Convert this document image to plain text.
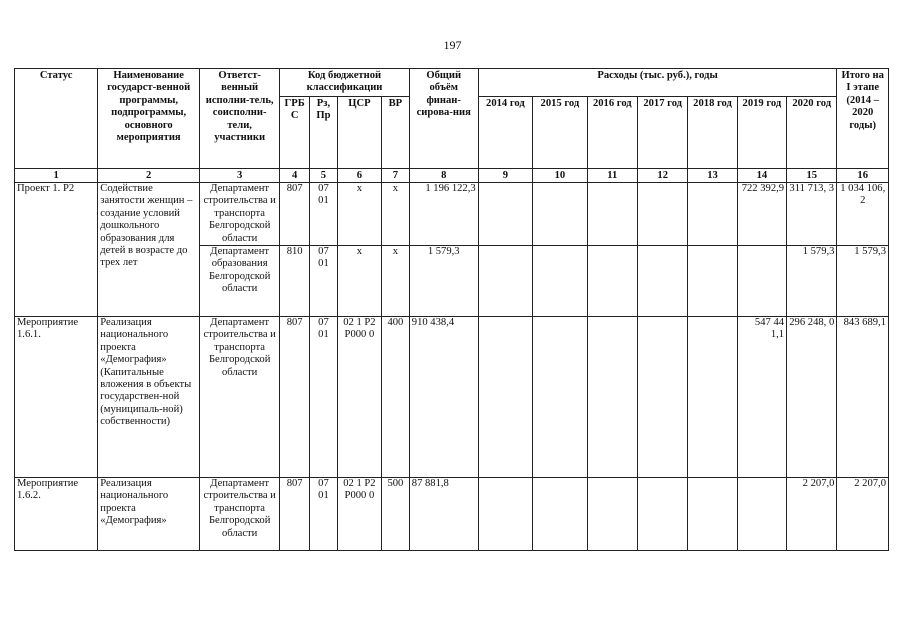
197
Статус	Наименование государст-венной программы, подпрограммы, основного мероприятия	Ответст-венный исполни-тель, соисполни-тели, участники	Код бюджетной классификации				Общий объём финан-сирова-ния	Расходы (тыс. руб.), годы							Итого на I этапе (2014 – 2020 годы)
			ГРБ С	Рз, Пр	ЦСР	ВР		2014 год	2015 год	2016 год	2017 год	2018 год	2019 год	2020 год	
1	2	3	4	5	6	7	8	9	10	11	12	13	14	15	16
Проект 1. Р2	Содействие занятости женщин – создание условий дошкольного образования для детей в возрасте до трех лет	Департамент строительства и транспорта Белгородской области	807	07 01	х	х	1 196 122,3						722 392,9	311 713, 3	1 034 106, 2
		Департамент образования Белгородской области	810	07 01	х	х	1 579,3							1 579,3	1 579,3
Мероприятие 1.6.1.	Реализация национального проекта «Демография» (Капитальные вложения в объекты государствен-ной (муниципаль-ной) собственности)	Департамент строительства и транспорта Белгородской области	807	07 01	02 1 Р2 Р000 0	400	910 438,4						547 44 1,1	296 248, 0	843 689,1
Мероприятие 1.6.2.	Реализация национального проекта «Демография»	Департамент строительства и транспорта Белгородской области	807	07 01	02 1 Р2 Р000 0	500	87 881,8							2 207,0	2 207,0
